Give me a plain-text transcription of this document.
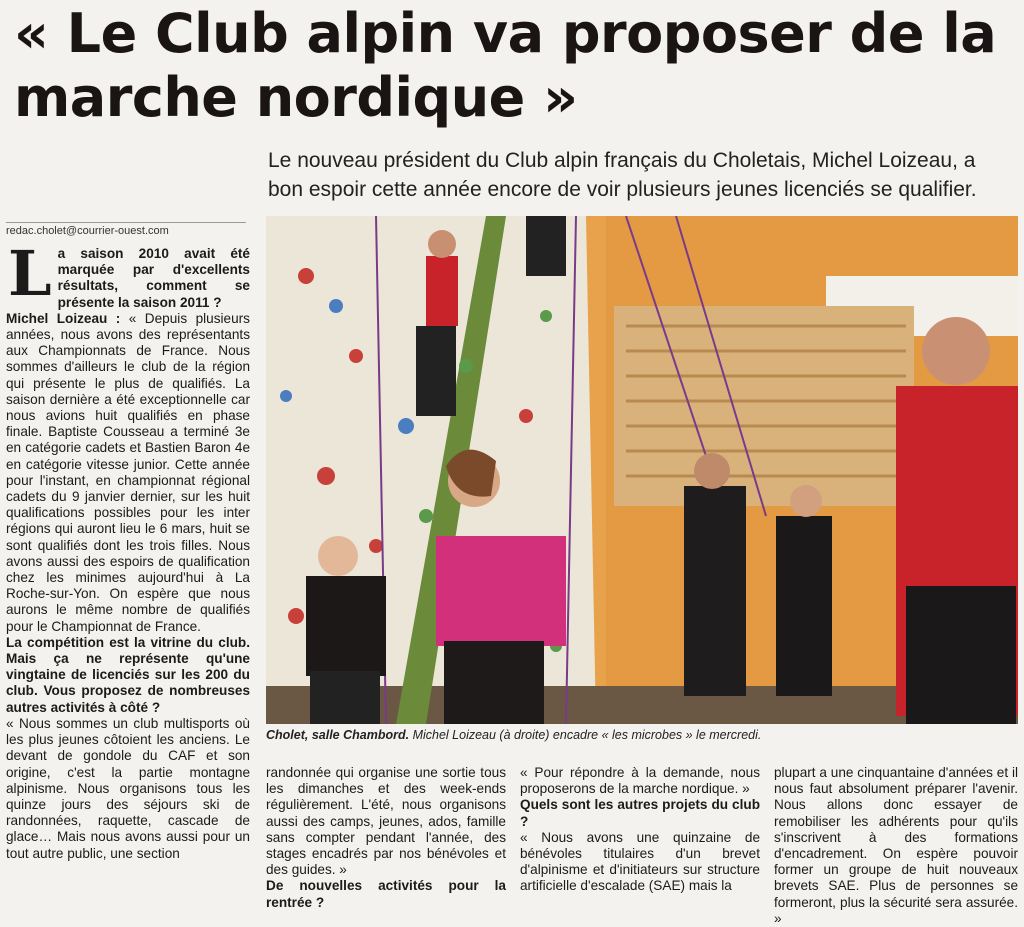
« Le Club alpin va proposer de la marche nordique »

Le nouveau président du Club alpin français du Choletais, Michel Loizeau, a bon espoir cette année encore de voir plusieurs jeunes licenciés se qualifier.

redac.cholet@courrier-ouest.com
L a saison 2010 avait été marquée par d'excellents résultats, comment se présente la saison 2011 ?

Michel Loizeau : « Depuis plusieurs années, nous avons des représentants aux Championnats de France. Nous sommes d'ailleurs le club de la région qui présente le plus de qualifiés. La saison dernière a été exceptionnelle car nous avions huit qualifiés en phase finale. Baptiste Cousseau a terminé 3e en catégorie cadets et Bastien Baron 4e en catégorie vitesse junior. Cette année pour l'instant, en championnat régional cadets du 9 janvier dernier, sur les huit qualifications possibles pour les inter régions qui auront lieu le 6 mars, huit se sont qualifiés dont les trois filles. Nous avons aussi des espoirs de qualification chez les minimes aujourd'hui à La Roche-sur-Yon. On espère que nous aurons le même nombre de qualifiés pour le Championnat de France.

La compétition est la vitrine du club. Mais ça ne représente qu'une vingtaine de licenciés sur les 200 du club. Vous proposez de nombreuses autres activités à côté ?

« Nous sommes un club multisports où les plus jeunes côtoient les anciens. Le devant de gondole du CAF et son origine, c'est la partie montagne alpinisme. Nous organisons tous les quinze jours des séjours ski de randonnées, raquette, cascade de glace… Mais nous avons aussi pour un tout autre public, une section

Cholet, salle Chambord. Michel Loizeau (à droite) encadre « les microbes » le mercredi.

randonnée qui organise une sortie tous les dimanches et des week-ends régulièrement. L'été, nous organisons aussi des camps, jeunes, ados, famille sans compter pendant l'année, des stages encadrés par nos bénévoles et des guides. »

De nouvelles activités pour la rentrée ?

« Pour répondre à la demande, nous proposerons de la marche nordique. »

Quels sont les autres projets du club ?

« Nous avons une quinzaine de bénévoles titulaires d'un brevet d'alpinisme et d'initiateurs sur structure artificielle d'escalade (SAE) mais la

plupart a une cinquantaine d'années et il nous faut absolument préparer l'avenir. Nous allons donc essayer de remobiliser les adhérents pour qu'ils s'inscrivent à des formations d'encadrement. On espère pouvoir former un groupe de huit nouveaux brevets SAE. Plus de personnes se formeront, plus la sécurité sera assurée. »
